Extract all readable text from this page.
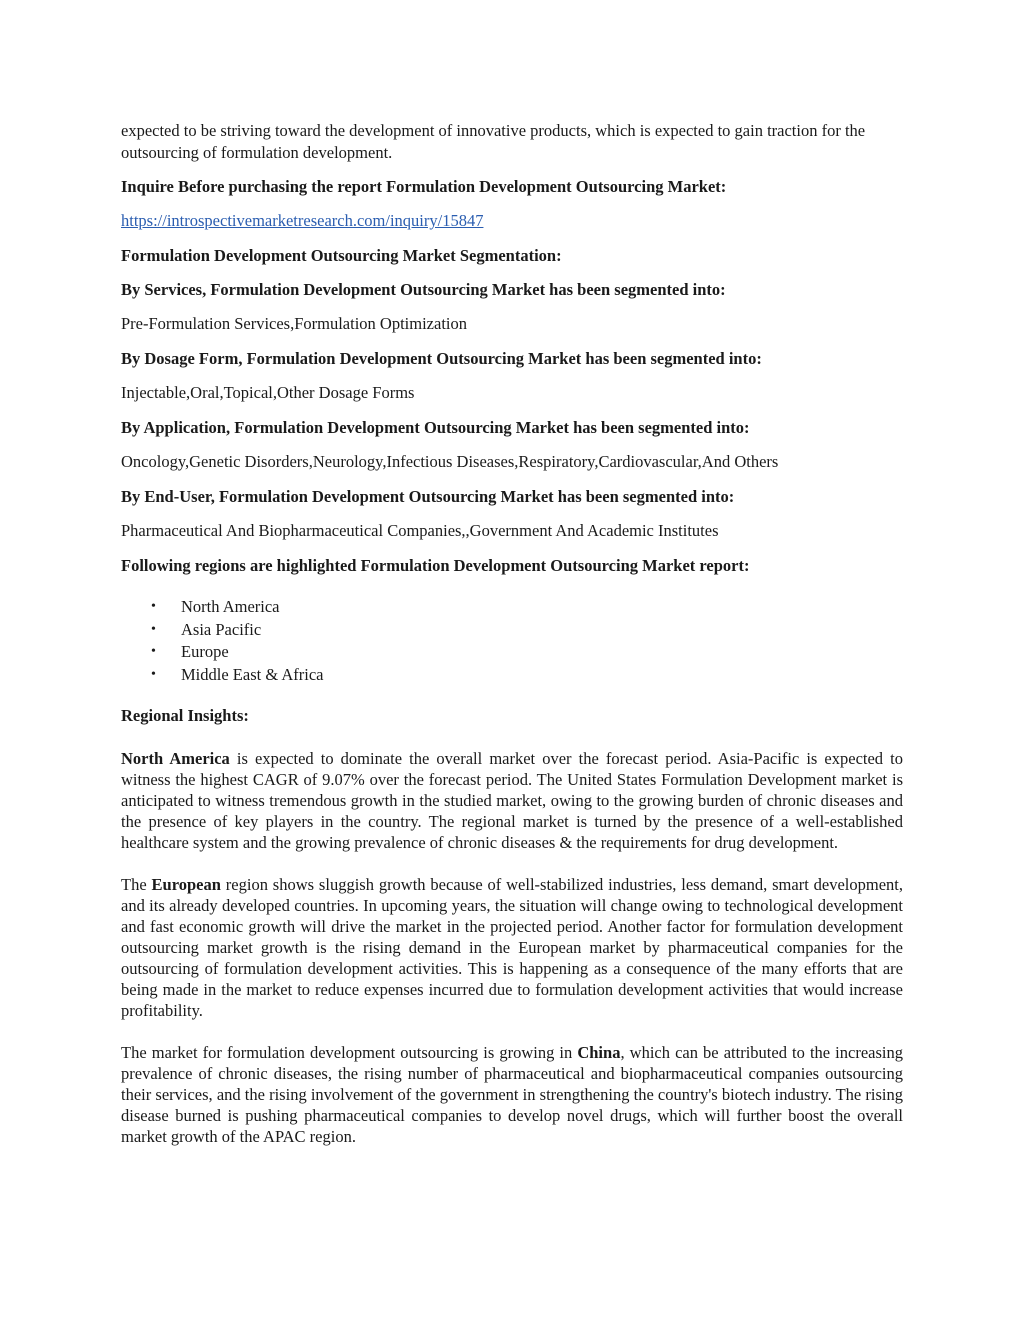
expected to be striving toward the development of innovative products, which is expected to gain traction for the outsourcing of formulation development.

Inquire Before purchasing the report Formulation Development Outsourcing Market:

https://introspectivemarketresearch.com/inquiry/15847

Formulation Development Outsourcing Market Segmentation:

By Services, Formulation Development Outsourcing Market has been segmented into:

Pre-Formulation Services,Formulation Optimization

By Dosage Form, Formulation Development Outsourcing Market has been segmented into:

Injectable,Oral,Topical,Other Dosage Forms

By Application, Formulation Development Outsourcing Market has been segmented into:

Oncology,Genetic Disorders,Neurology,Infectious Diseases,Respiratory,Cardiovascular,And Others

By End-User, Formulation Development Outsourcing Market has been segmented into:

Pharmaceutical And Biopharmaceutical Companies,,Government And Academic Institutes

Following regions are highlighted Formulation Development Outsourcing Market report:

• North America
• Asia Pacific
• Europe
• Middle East & Africa

Regional Insights:

North America is expected to dominate the overall market over the forecast period. Asia-Pacific is expected to witness the highest CAGR of 9.07% over the forecast period. The United States Formulation Development market is anticipated to witness tremendous growth in the studied market, owing to the growing burden of chronic diseases and the presence of key players in the country. The regional market is turned by the presence of a well-established healthcare system and the growing prevalence of chronic diseases & the requirements for drug development.

The European region shows sluggish growth because of well-stabilized industries, less demand, smart development, and its already developed countries. In upcoming years, the situation will change owing to technological development and fast economic growth will drive the market in the projected period. Another factor for formulation development outsourcing market growth is the rising demand in the European market by pharmaceutical companies for the outsourcing of formulation development activities. This is happening as a consequence of the many efforts that are being made in the market to reduce expenses incurred due to formulation development activities that would increase profitability.

The market for formulation development outsourcing is growing in China, which can be attributed to the increasing prevalence of chronic diseases, the rising number of pharmaceutical and biopharmaceutical companies outsourcing their services, and the rising involvement of the government in strengthening the country's biotech industry. The rising disease burned is pushing pharmaceutical companies to develop novel drugs, which will further boost the overall market growth of the APAC region.
